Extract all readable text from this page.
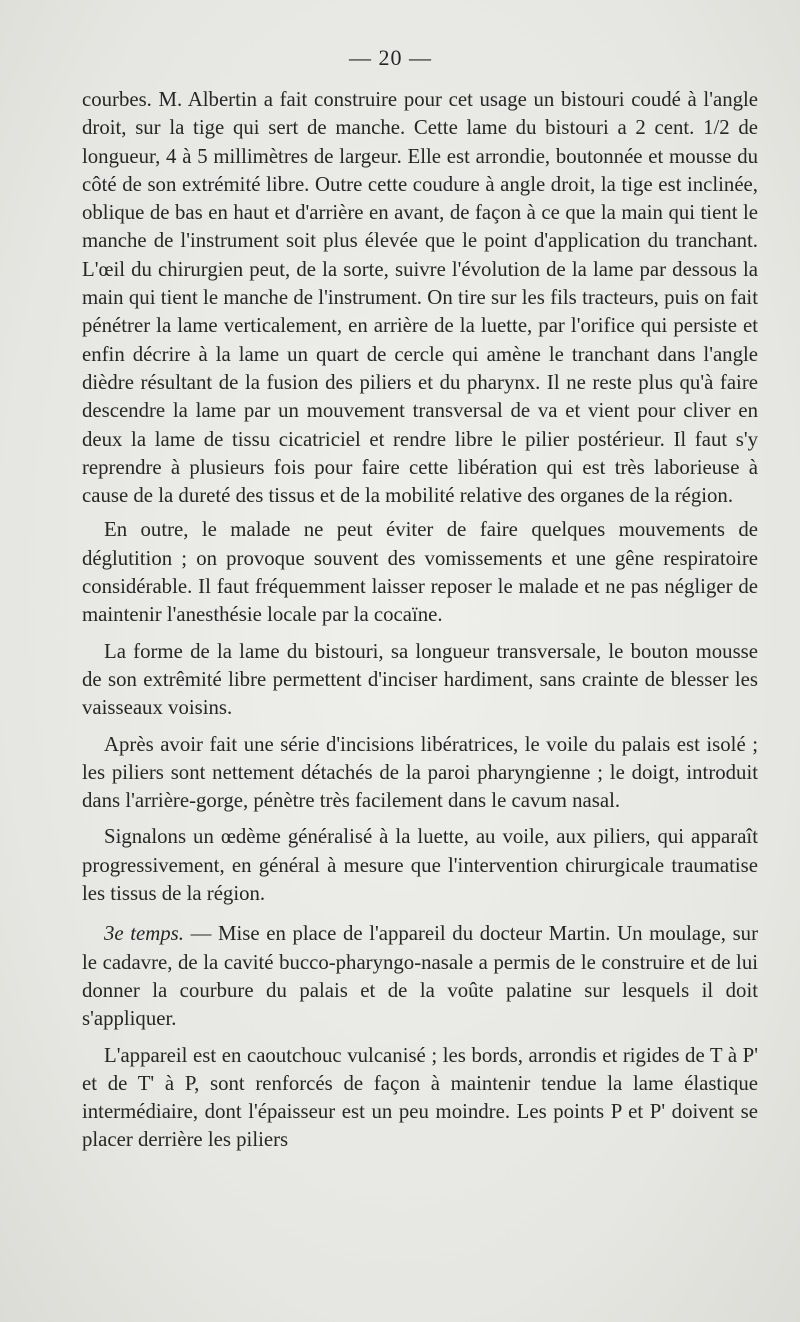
— 20 —

courbes. M. Albertin a fait construire pour cet usage un bistouri coudé à l'angle droit, sur la tige qui sert de manche. Cette lame du bistouri a 2 cent. 1/2 de longueur, 4 à 5 millimètres de largeur. Elle est arrondie, boutonnée et mousse du côté de son extrémité libre. Outre cette coudure à angle droit, la tige est inclinée, oblique de bas en haut et d'arrière en avant, de façon à ce que la main qui tient le manche de l'instrument soit plus élevée que le point d'application du tranchant. L'œil du chirurgien peut, de la sorte, suivre l'évolution de la lame par dessous la main qui tient le manche de l'instrument. On tire sur les fils tracteurs, puis on fait pénétrer la lame verticalement, en arrière de la luette, par l'orifice qui persiste et enfin décrire à la lame un quart de cercle qui amène le tranchant dans l'angle dièdre résultant de la fusion des piliers et du pharynx. Il ne reste plus qu'à faire descendre la lame par un mouvement transversal de va et vient pour cliver en deux la lame de tissu cicatriciel et rendre libre le pilier postérieur. Il faut s'y reprendre à plusieurs fois pour faire cette libération qui est très laborieuse à cause de la dureté des tissus et de la mobilité relative des organes de la région.

En outre, le malade ne peut éviter de faire quelques mouvements de déglutition ; on provoque souvent des vomissements et une gêne respiratoire considérable. Il faut fréquemment laisser reposer le malade et ne pas négliger de maintenir l'anesthésie locale par la cocaïne.

La forme de la lame du bistouri, sa longueur transversale, le bouton mousse de son extrêmité libre permettent d'inciser hardiment, sans crainte de blesser les vaisseaux voisins.

Après avoir fait une série d'incisions libératrices, le voile du palais est isolé ; les piliers sont nettement détachés de la paroi pharyngienne ; le doigt, introduit dans l'arrière-gorge, pénètre très facilement dans le cavum nasal.

Signalons un œdème généralisé à la luette, au voile, aux piliers, qui apparaît progressivement, en général à mesure que l'intervention chirurgicale traumatise les tissus de la région.

3e temps. — Mise en place de l'appareil du docteur Martin. Un moulage, sur le cadavre, de la cavité bucco-pharyngo-nasale a permis de le construire et de lui donner la courbure du palais et de la voûte palatine sur lesquels il doit s'appliquer.

L'appareil est en caoutchouc vulcanisé ; les bords, arrondis et rigides de T à P' et de T' à P, sont renforcés de façon à maintenir tendue la lame élastique intermédiaire, dont l'épaisseur est un peu moindre. Les points P et P' doivent se placer derrière les piliers
